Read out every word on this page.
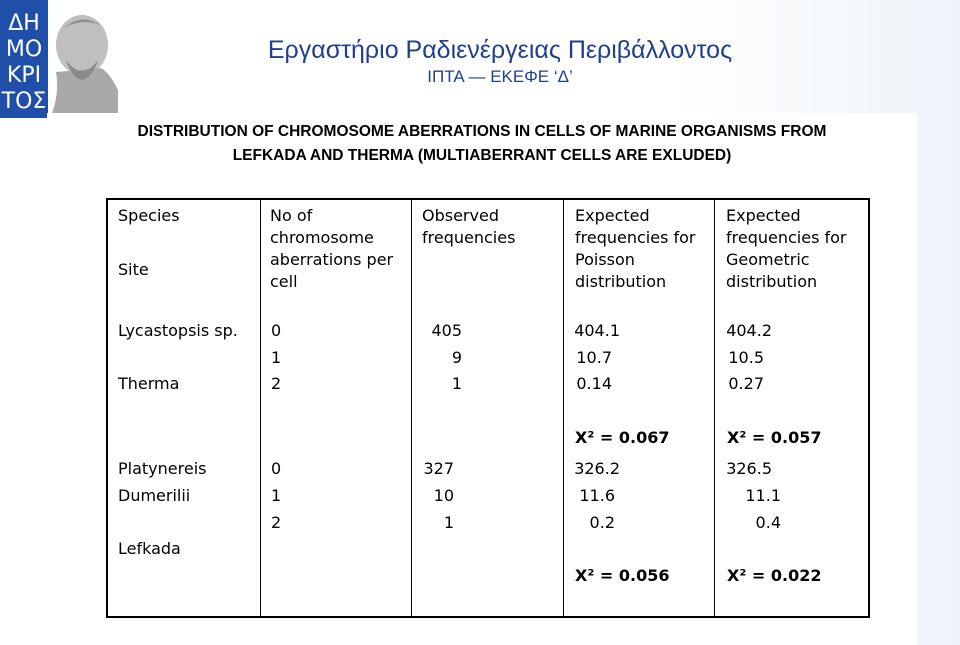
ΔΗ
ΜΟ
ΚΡΙ
ΤΟΣ
Εργαστήριο Ραδιενέργειας Περιβάλλοντος
ΙΠΤΑ — ΕΚΕΦΕ ‘Δ’
DISTRIBUTION OF CHROMOSOME ABERRATIONS IN CELLS OF MARINE ORGANISMS FROM
LEFKADA AND THERMA (MULTIABERRANT CELLS ARE EXLUDED)
Species
Site
No of
chromosome
aberrations per
cell
Observed
frequencies
Expected
frequencies for
Poisson
distribution
Expected
frequencies for
Geometric
distribution
Lycastopsis sp.
Therma
0
1
2
405
9
1
404.1
10.7
0.14
404.2
10.5
0.27
Χ² = 0.067	Χ² = 0.057
Platynereis
Dumerilii
Lefkada
0
1
2
327
10
1
326.2
11.6
0.2
326.5
11.1
0.4
Χ² = 0.056	Χ² = 0.022
